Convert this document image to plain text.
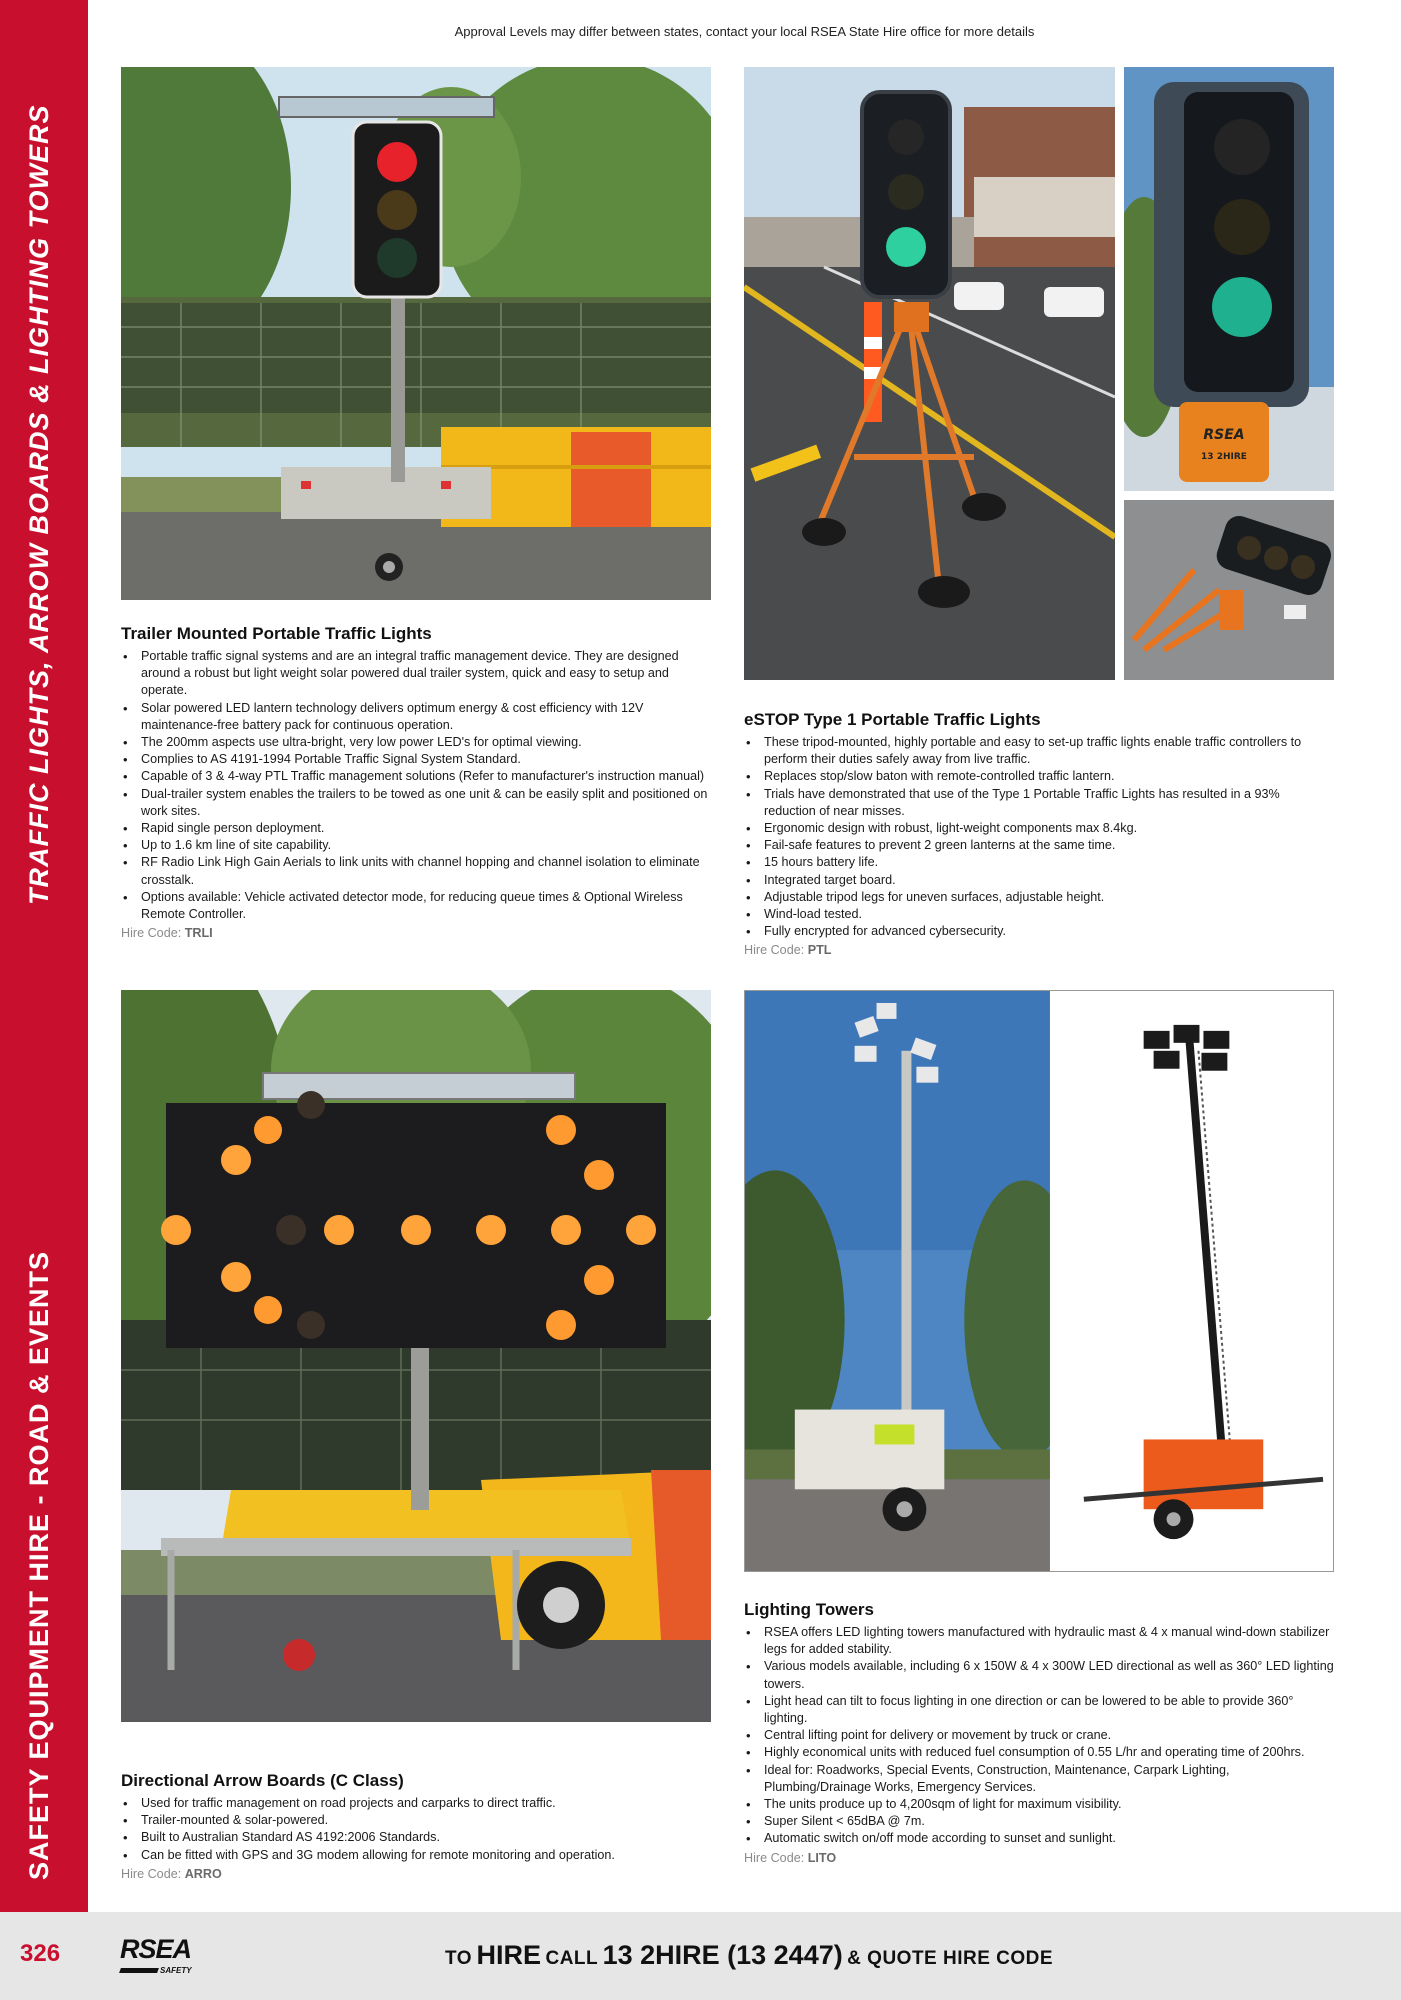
TRAFFIC LIGHTS, ARROW BOARDS & LIGHTING TOWERS
SAFETY EQUIPMENT HIRE - ROAD & EVENTS
Approval Levels may differ between states, contact your local RSEA State Hire office for more details
RSEA
13 2HIRE
Trailer Mounted Portable Traffic Lights
• Portable traffic signal systems and are an integral traffic management device. They are designed around a robust but light weight solar powered dual trailer system, quick and easy to setup and operate.
• Solar powered LED lantern technology delivers optimum energy & cost efficiency with 12V maintenance-free battery pack for continuous operation.
• The 200mm aspects use ultra-bright, very low power LED's for optimal viewing.
• Complies to AS 4191-1994 Portable Traffic Signal System Standard.
• Capable of 3 & 4-way PTL Traffic management solutions (Refer to manufacturer's instruction manual)
• Dual-trailer system enables the trailers to be towed as one unit & can be easily split and positioned on work sites.
• Rapid single person deployment.
• Up to 1.6 km line of site capability.
• RF Radio Link High Gain Aerials to link units with channel hopping and channel isolation to eliminate crosstalk.
• Options available: Vehicle activated detector mode, for reducing queue times & Optional Wireless Remote Controller.
Hire Code: TRLI
eSTOP Type 1 Portable Traffic Lights
• These tripod-mounted, highly portable and easy to set-up traffic lights enable traffic controllers to perform their duties safely away from live traffic.
• Replaces stop/slow baton with remote-controlled traffic lantern.
• Trials have demonstrated that use of the Type 1 Portable Traffic Lights has resulted in a 93% reduction of near misses.
• Ergonomic design with robust, light-weight components max 8.4kg.
• Fail-safe features to prevent 2 green lanterns at the same time.
• 15 hours battery life.
• Integrated target board.
• Adjustable tripod legs for uneven surfaces, adjustable height.
• Wind-load tested.
• Fully encrypted for advanced cybersecurity.
Hire Code: PTL
Directional Arrow Boards (C Class)
• Used for traffic management on road projects and carparks to direct traffic.
• Trailer-mounted & solar-powered.
• Built to Australian Standard AS 4192:2006 Standards.
• Can be fitted with GPS and 3G modem allowing for remote monitoring and operation.
Hire Code: ARRO
Lighting Towers
• RSEA offers LED lighting towers manufactured with hydraulic mast & 4 x manual wind-down stabilizer legs for added stability.
• Various models available, including 6 x 150W & 4 x 300W LED directional as well as 360° LED lighting towers.
• Light head can tilt to focus lighting in one direction or can be lowered to be able to provide 360° lighting.
• Central lifting point for delivery or movement by truck or crane.
• Highly economical units with reduced fuel consumption of 0.55 L/hr and operating time of 200hrs.
• Ideal for: Roadworks, Special Events, Construction, Maintenance, Carpark Lighting, Plumbing/Drainage Works, Emergency Services.
• The units produce up to 4,200sqm of light for maximum visibility.
• Super Silent < 65dBA @ 7m.
• Automatic switch on/off mode according to sunset and sunlight.
Hire Code: LITO
326 RSEA
SAFETY
TO HIRE CALL 13 2HIRE (13 2447) & QUOTE HIRE CODE
